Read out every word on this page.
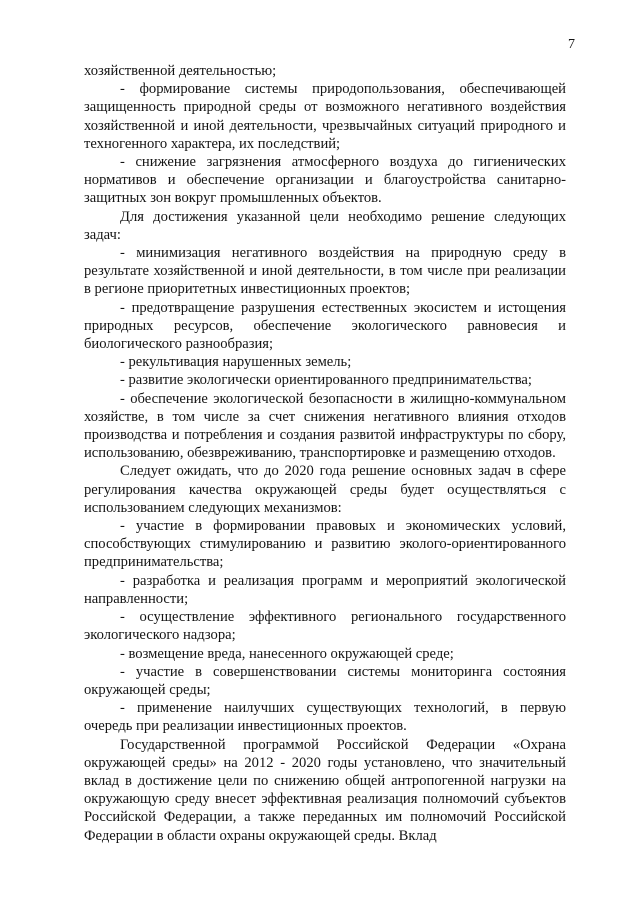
7

хозяйственной деятельностью;

- формирование системы природопользования, обеспечивающей защищенность природной среды от возможного негативного воздействия хозяйственной и иной деятельности, чрезвычайных ситуаций природного и техногенного характера, их последствий;

- снижение загрязнения атмосферного воздуха до гигиенических нормативов и обеспечение организации и благоустройства санитарно-защитных зон вокруг промышленных объектов.

Для достижения указанной цели необходимо решение следующих задач:

- минимизация негативного воздействия на природную среду в результате хозяйственной и иной деятельности, в том числе при реализации в регионе приоритетных инвестиционных проектов;

- предотвращение разрушения естественных экосистем и истощения природных ресурсов, обеспечение экологического равновесия и биологического разнообразия;

- рекультивация нарушенных земель;

- развитие экологически ориентированного предпринимательства;

- обеспечение экологической безопасности в жилищно-коммунальном хозяйстве, в том числе за счет снижения негативного влияния отходов производства и потребления и создания развитой инфраструктуры по сбору, использованию, обезвреживанию, транспортировке и размещению отходов.

Следует ожидать, что до 2020 года решение основных задач в сфере регулирования качества окружающей среды будет осуществляться с использованием следующих механизмов:

- участие в формировании правовых и экономических условий, способствующих стимулированию и развитию эколого-ориентированного предпринимательства;

- разработка и реализация программ и мероприятий экологической направленности;

- осуществление эффективного регионального государственного экологического надзора;

- возмещение вреда, нанесенного окружающей среде;

- участие в совершенствовании системы мониторинга состояния окружающей среды;

- применение наилучших существующих технологий, в первую очередь при реализации инвестиционных проектов.

Государственной программой Российской Федерации «Охрана окружающей среды» на 2012 - 2020 годы установлено, что значительный вклад в достижение цели по снижению общей антропогенной нагрузки на окружающую среду внесет эффективная реализация полномочий субъектов Российской Федерации, а также переданных им полномочий Российской Федерации в области охраны окружающей среды. Вклад
